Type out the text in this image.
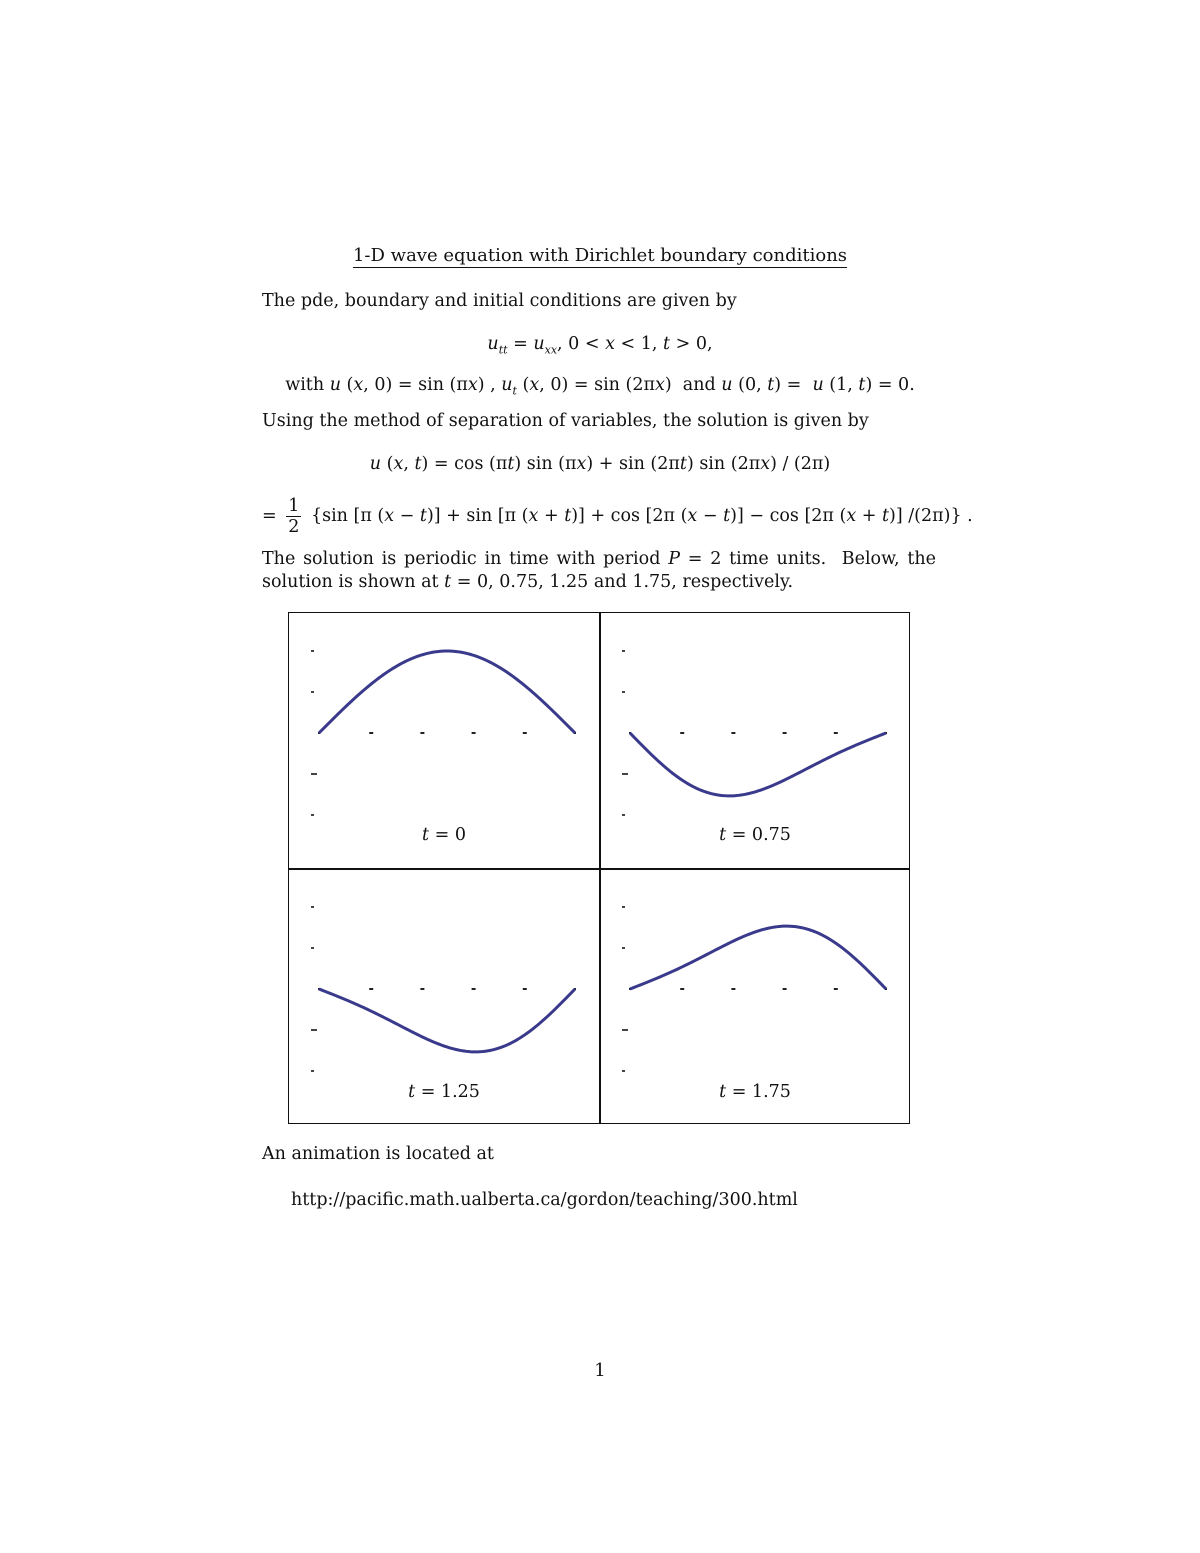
1-D wave equation with Dirichlet boundary conditions
The pde, boundary and initial conditions are given by
$u_{tt} = u_{xx}$, 0 < x < 1, t > 0,
with u (x, 0) = sin (πx) , $u_t$ (x, 0) = sin (2πx)  and u (0, t) =  u (1, t) = 0.
Using the method of separation of variables, the solution is given by
u (x, t) = cos (πt) sin (πx) + sin (2πt) sin (2πx) / (2π)
= $\frac{1}{2} \{\sin$ [π (x − t)] + sin [π (x + t)] + cos [2π (x − t)] − cos [2π (x + t)] /(2π)} .
The solution is periodic in time with period P = 2 time units.  Below, the
solution is shown at t = 0, 0.75, 1.25 and 1.75, respectively.
t = 0	t = 0.75
t = 1.25	t = 1.75
An animation is located at
http://pacific.math.ualberta.ca/gordon/teaching/300.html
1
